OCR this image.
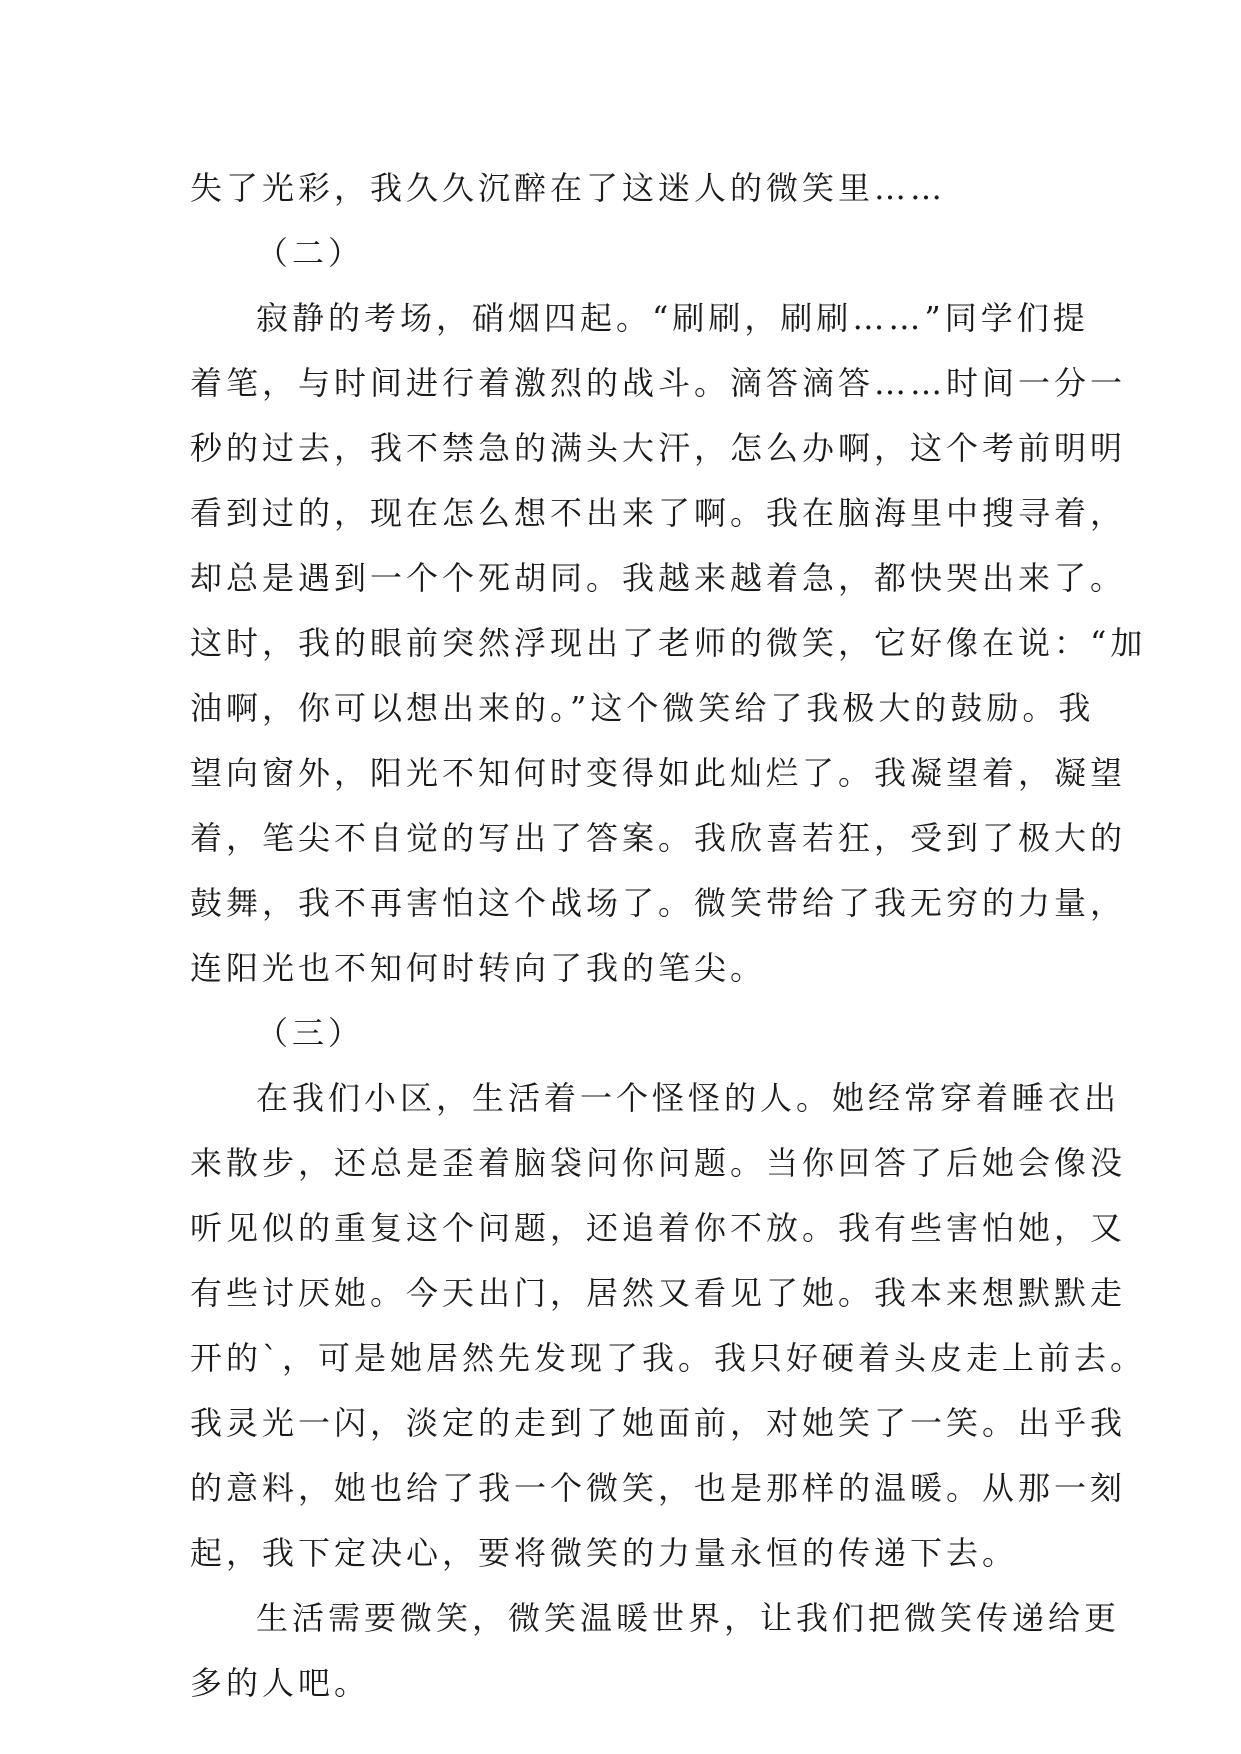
失了光彩，我久久沉醉在了这迷人的微笑里……
（二）
寂静的考场，硝烟四起。“刷刷，刷刷……”同学们提
着笔，与时间进行着激烈的战斗。滴答滴答……时间一分一
秒的过去，我不禁急的满头大汗，怎么办啊，这个考前明明
看到过的，现在怎么想不出来了啊。我在脑海里中搜寻着，
却总是遇到一个个死胡同。我越来越着急，都快哭出来了。
这时，我的眼前突然浮现出了老师的微笑，它好像在说：“加
油啊，你可以想出来的。”这个微笑给了我极大的鼓励。我
望向窗外，阳光不知何时变得如此灿烂了。我凝望着，凝望
着，笔尖不自觉的写出了答案。我欣喜若狂，受到了极大的
鼓舞，我不再害怕这个战场了。微笑带给了我无穷的力量，
连阳光也不知何时转向了我的笔尖。
（三）
在我们小区，生活着一个怪怪的人。她经常穿着睡衣出
来散步，还总是歪着脑袋问你问题。当你回答了后她会像没
听见似的重复这个问题，还追着你不放。我有些害怕她，又
有些讨厌她。今天出门，居然又看见了她。我本来想默默走
开的`，可是她居然先发现了我。我只好硬着头皮走上前去。
我灵光一闪，淡定的走到了她面前，对她笑了一笑。出乎我
的意料，她也给了我一个微笑，也是那样的温暖。从那一刻
起，我下定决心，要将微笑的力量永恒的传递下去。
生活需要微笑，微笑温暖世界，让我们把微笑传递给更
多的人吧。
